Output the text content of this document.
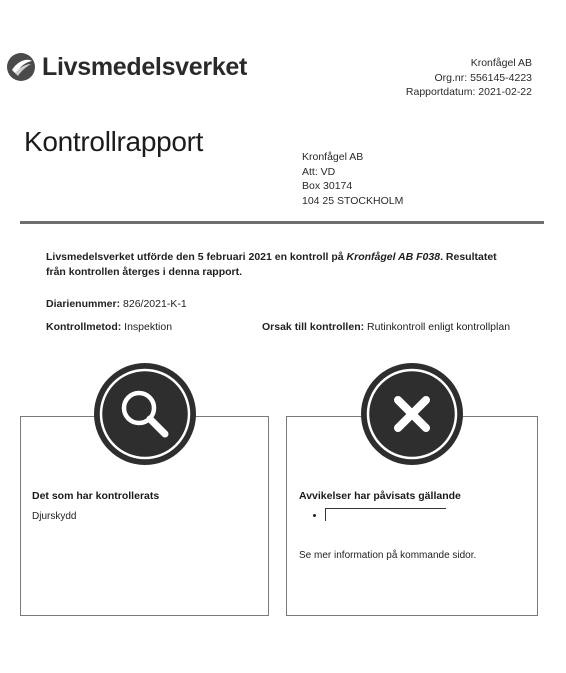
Livsmedelsverket	Kronfågel AB
Org.nr: 556145-4223
Rapportdatum: 2021-02-22
Kontrollrapport	Kronfågel AB
Att: VD
Box 30174
104 25 STOCKHOLM
Livsmedelsverket utförde den 5 februari 2021 en kontroll på Kronfågel AB F038. Resultatet från kontrollen återges i denna rapport.
Diarienummer: 826/2021-K-1
Kontrollmetod: Inspektion	Orsak till kontrollen: Rutinkontroll enligt kontrollplan
Det som har kontrollerats
Djurskydd
Avvikelser har påvisats gällande
Se mer information på kommande sidor.
